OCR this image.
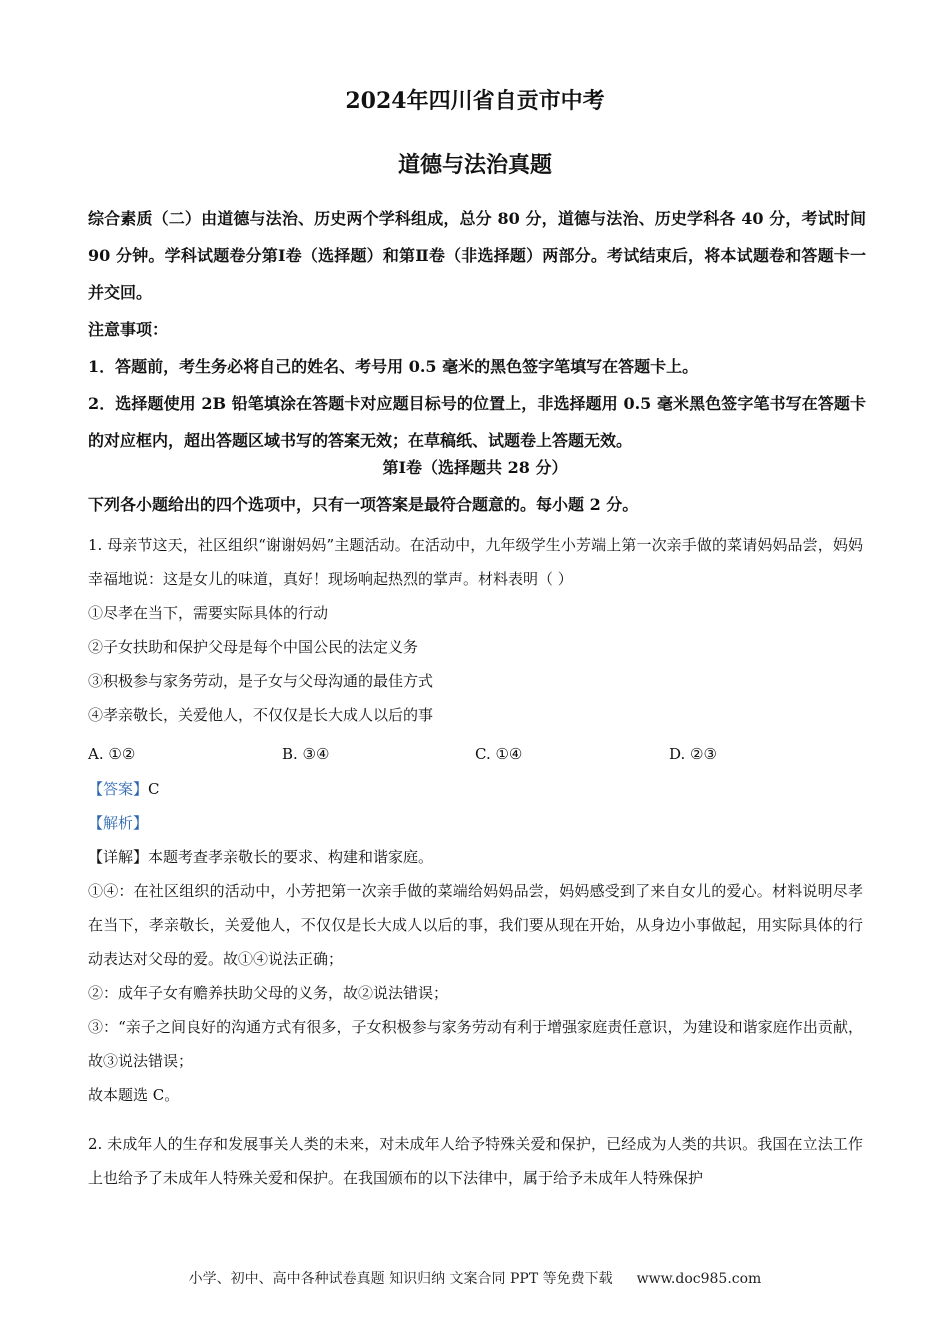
2024年四川省自贡市中考
道德与法治真题

综合素质（二）由道德与法治、历史两个学科组成，总分 80 分，道德与法治、历史学科各 40 分，考试时间 90 分钟。学科试题卷分第Ⅰ卷（选择题）和第Ⅱ卷（非选择题）两部分。考试结束后，将本试题卷和答题卡一并交回。

注意事项：

1．答题前，考生务必将自己的姓名、考号用 0.5 毫米的黑色签字笔填写在答题卡上。

2．选择题使用 2B 铅笔填涂在答题卡对应题目标号的位置上，非选择题用 0.5 毫米黑色签字笔书写在答题卡的对应框内，超出答题区域书写的答案无效；在草稿纸、试题卷上答题无效。

第Ⅰ卷（选择题共 28 分）
下列各小题给出的四个选项中，只有一项答案是最符合题意的。每小题 2 分。

1. 母亲节这天，社区组织“谢谢妈妈”主题活动。在活动中，九年级学生小芳端上第一次亲手做的菜请妈妈品尝，妈妈幸福地说：这是女儿的味道，真好！现场响起热烈的掌声。材料表明（ ）

①尽孝在当下，需要实际具体的行动

②子女扶助和保护父母是每个中国公民的法定义务

③积极参与家务劳动，是子女与父母沟通的最佳方式

④孝亲敬长，关爱他人，不仅仅是长大成人以后的事

A. ①②	B. ③④	C. ①④	D. ②③

【答案】C

【解析】

【详解】本题考查孝亲敬长的要求、构建和谐家庭。

①④：在社区组织的活动中，小芳把第一次亲手做的菜端给妈妈品尝，妈妈感受到了来自女儿的爱心。材料说明尽孝在当下，孝亲敬长，关爱他人，不仅仅是长大成人以后的事，我们要从现在开始，从身边小事做起，用实际具体的行动表达对父母的爱。故①④说法正确；

②：成年子女有赡养扶助父母的义务，故②说法错误；

③：“亲子之间良好的沟通方式有很多，子女积极参与家务劳动有利于增强家庭责任意识，为建设和谐家庭作出贡献，故③说法错误；

故本题选 C。

2. 未成年人的生存和发展事关人类的未来，对未成年人给予特殊关爱和保护，已经成为人类的共识。我国在立法工作上也给予了未成年人特殊关爱和保护。在我国颁布的以下法律中，属于给予未成年人特殊保护

小学、初中、高中各种试卷真题 知识归纳 文案合同 PPT 等免费下载 www.doc985.com
